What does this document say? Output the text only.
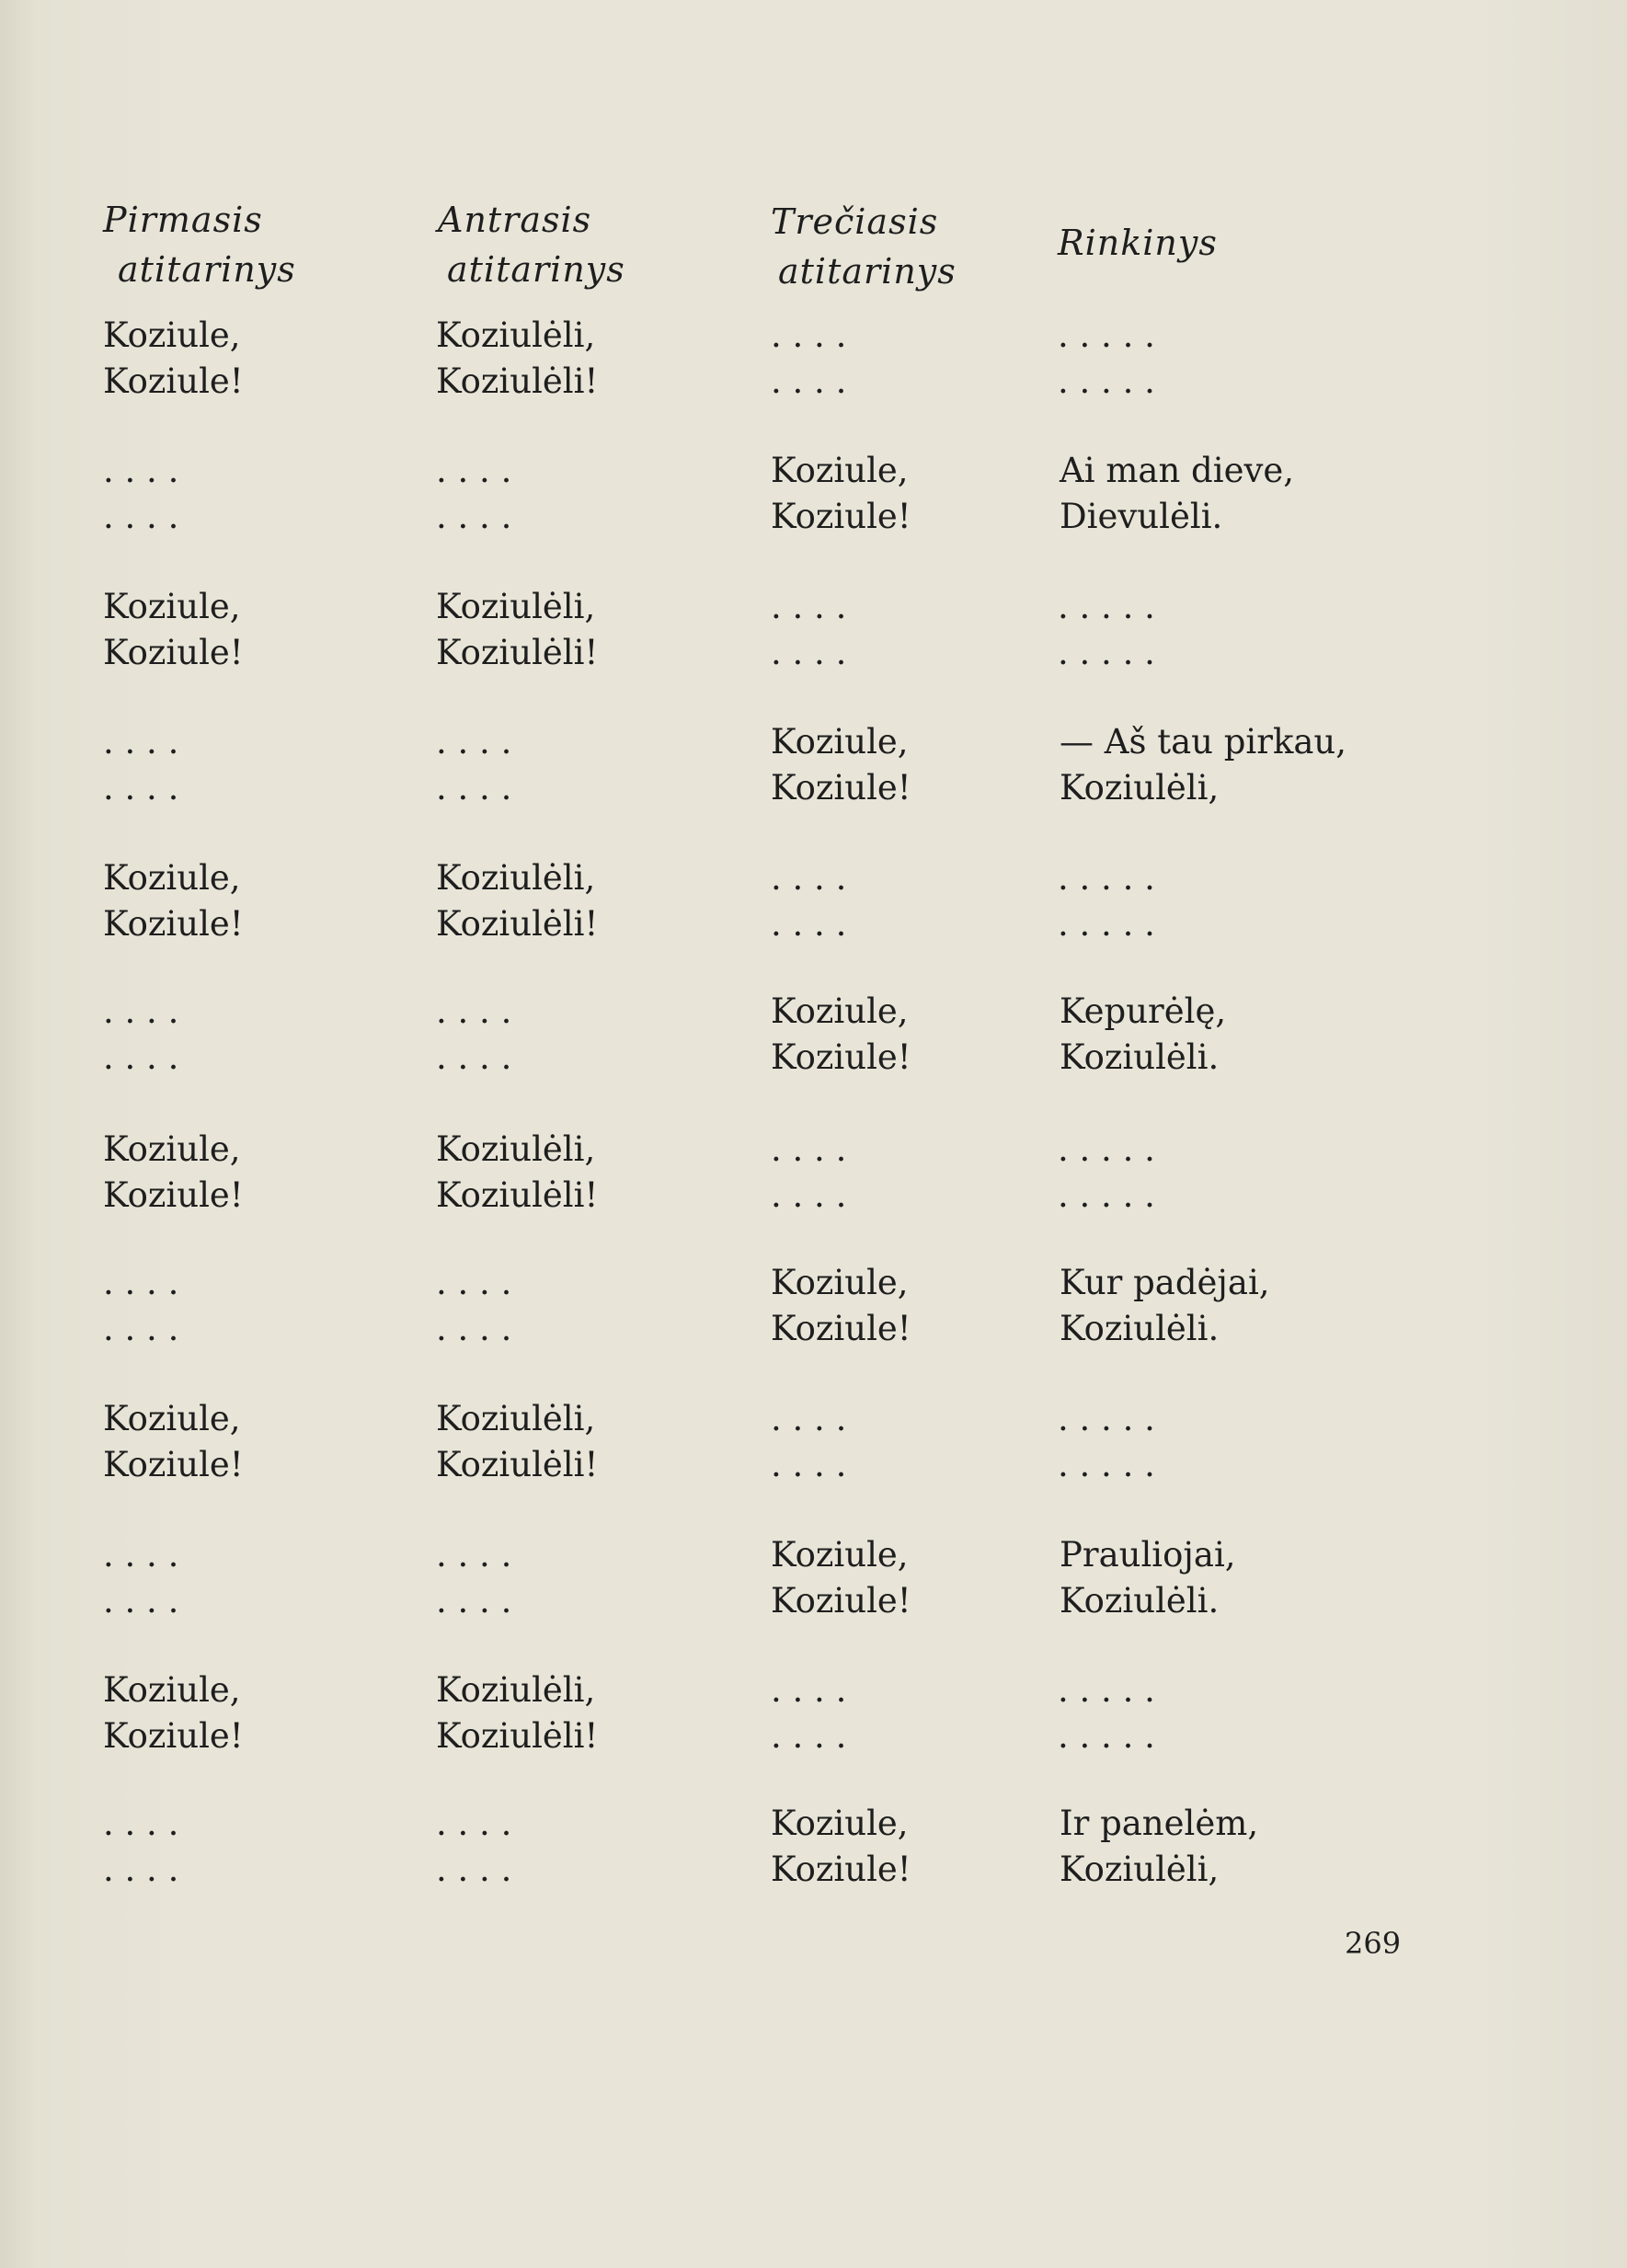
Pirmasis
atitarinys
Antrasis
atitarinys
Trečiasis
atitarinys
Rinkinys
Koziule,
Koziule!
Koziulėli,
Koziulėli!
. . . .
. . . .
. . . . .
. . . . .
. . . .
. . . .
. . . .
. . . .
Koziule,
Koziule!
Ai man dieve,
Dievulėli.
Koziule,
Koziule!
Koziulėli,
Koziulėli!
. . . .
. . . .
. . . . .
. . . . .
. . . .
. . . .
. . . .
. . . .
Koziule,
Koziule!
— Aš tau pirkau,
Koziulėli,
Koziule,
Koziule!
Koziulėli,
Koziulėli!
. . . .
. . . .
. . . . .
. . . . .
. . . .
. . . .
. . . .
. . . .
Koziule,
Koziule!
Kepurėlę,
Koziulėli.
Koziule,
Koziule!
Koziulėli,
Koziulėli!
. . . .
. . . .
. . . . .
. . . . .
. . . .
. . . .
. . . .
. . . .
Koziule,
Koziule!
Kur padėjai,
Koziulėli.
Koziule,
Koziule!
Koziulėli,
Koziulėli!
. . . .
. . . .
. . . . .
. . . . .
. . . .
. . . .
. . . .
. . . .
Koziule,
Koziule!
Prauliojai,
Koziulėli.
Koziule,
Koziule!
Koziulėli,
Koziulėli!
. . . .
. . . .
. . . . .
. . . . .
. . . .
. . . .
. . . .
. . . .
Koziule,
Koziule!
Ir panelėm,
Koziulėli,
269
